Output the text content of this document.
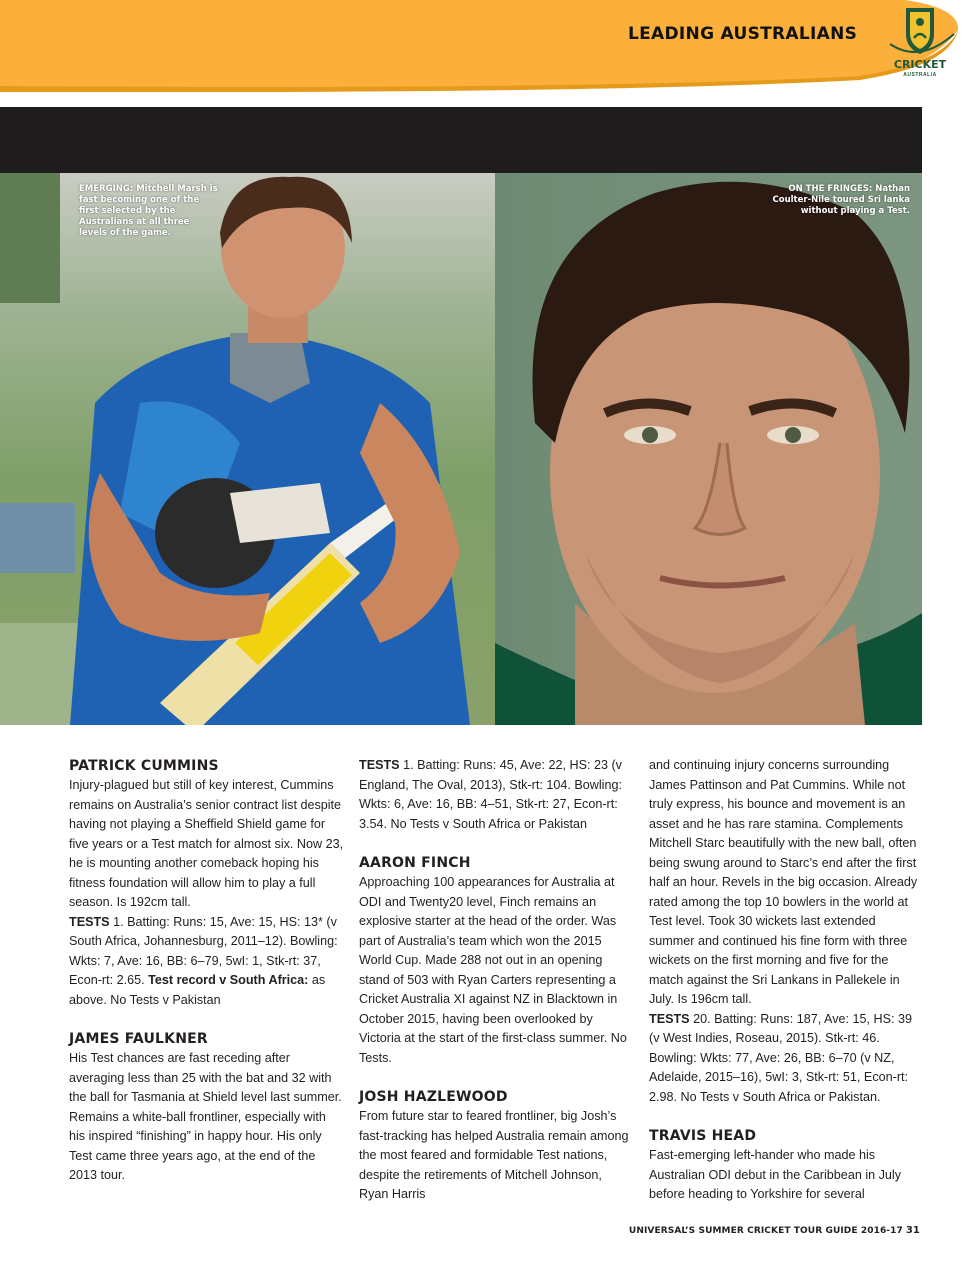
LEADING AUSTRALIANS
CRICKET
AUSTRALIA
EMERGING: Mitchell Marsh is fast becoming one of the first selected by the Australians at all three levels of the game.
ON THE FRINGES: Nathan Coulter-Nile toured Sri lanka without playing a Test.
PATRICK CUMMINS

Injury-plagued but still of key interest, Cummins remains on Australia’s senior contract list despite having not playing a Sheffield Shield game for five years or a Test match for almost six. Now 23, he is mounting another comeback hoping his fitness foundation will allow him to play a full season. Is 192cm tall.

TESTS 1. Batting: Runs: 15, Ave: 15, HS: 13* (v South Africa, Johannesburg, 2011–12). Bowling: Wkts: 7, Ave: 16, BB: 6–79, 5wI: 1, Stk-rt: 37, Econ-rt: 2.65. Test record v South Africa: as above. No Tests v Pakistan

JAMES FAULKNER

His Test chances are fast receding after averaging less than 25 with the bat and 32 with the ball for Tasmania at Shield level last summer. Remains a white-ball frontliner, especially with his inspired “finishing” in happy hour. His only Test came three years ago, at the end of the 2013 tour.

TESTS 1. Batting: Runs: 45, Ave: 22, HS: 23 (v England, The Oval, 2013), Stk-rt: 104. Bowling: Wkts: 6, Ave: 16, BB: 4–51, Stk-rt: 27, Econ-rt: 3.54. No Tests v South Africa or Pakistan

AARON FINCH

Approaching 100 appearances for Australia at ODI and Twenty20 level, Finch remains an explosive starter at the head of the order. Was part of Australia’s team which won the 2015 World Cup. Made 288 not out in an opening stand of 503 with Ryan Carters representing a Cricket Australia XI against NZ in Blacktown in October 2015, having been overlooked by Victoria at the start of the first-class summer. No Tests.

JOSH HAZLEWOOD

From future star to feared frontliner, big Josh’s fast-tracking has helped Australia remain among the most feared and formidable Test nations, despite the retirements of Mitchell Johnson, Ryan Harris

and continuing injury concerns surrounding James Pattinson and Pat Cummins. While not truly express, his bounce and movement is an asset and he has rare stamina. Complements Mitchell Starc beautifully with the new ball, often being swung around to Starc’s end after the first half an hour. Revels in the big occasion. Already rated among the top 10 bowlers in the world at Test level. Took 30 wickets last extended summer and continued his fine form with three wickets on the first morning and five for the match against the Sri Lankans in Pallekele in July. Is 196cm tall.

TESTS 20. Batting: Runs: 187, Ave: 15, HS: 39 (v West Indies, Roseau, 2015). Stk-rt: 46. Bowling: Wkts: 77, Ave: 26, BB: 6–70 (v NZ, Adelaide, 2015–16), 5wI: 3, Stk-rt: 51, Econ-rt: 2.98. No Tests v South Africa or Pakistan.

TRAVIS HEAD

Fast-emerging left-hander who made his Australian ODI debut in the Caribbean in July before heading to Yorkshire for several

UNIVERSAL’S SUMMER CRICKET TOUR GUIDE 2016-17 31
